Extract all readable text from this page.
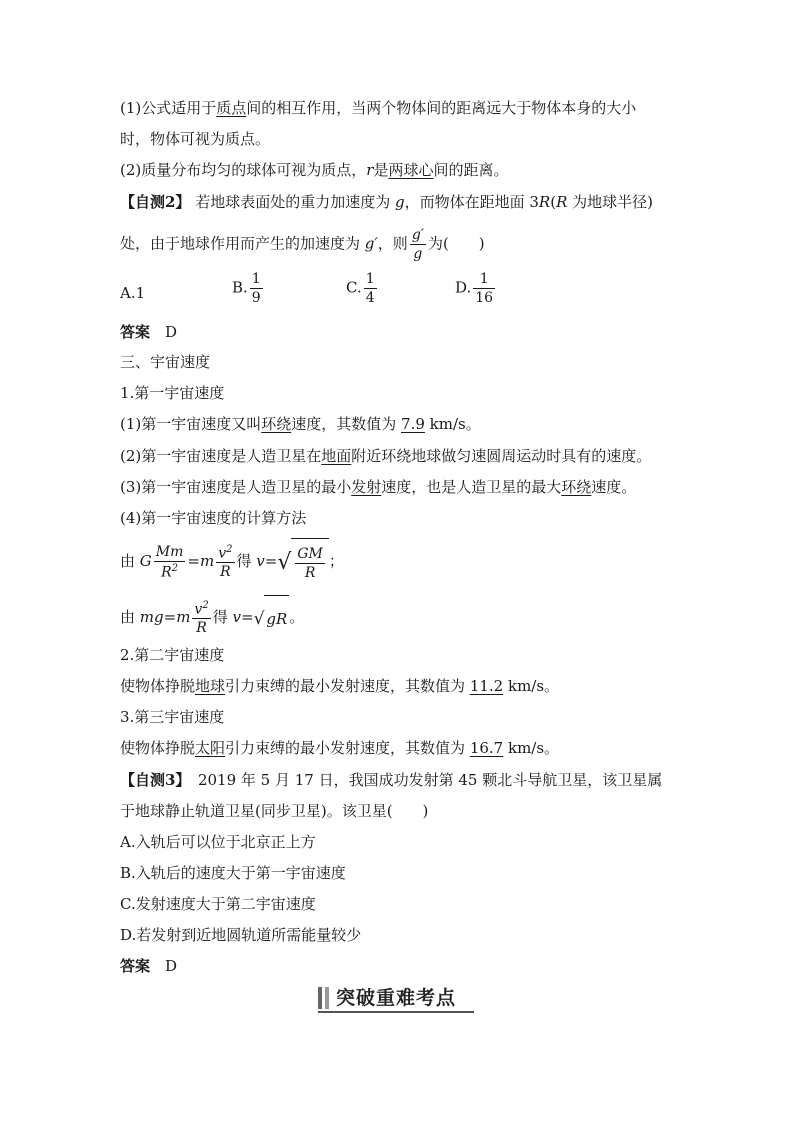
(1)公式适用于质点间的相互作用，当两个物体间的距离远大于物体本身的大小
时，物体可视为质点。
(2)质量分布均匀的球体可视为质点，r是两球心间的距离。
【自测2】 若地球表面处的重力加速度为 g，而物体在距地面 3R(R 为地球半径)
处，由于地球作用而产生的加速度为 g′，则 $\frac{g'}{g}$ 为(　　)
A.1	B. $\frac{1}{9}$	C. $\frac{1}{4}$	D. $\frac{1}{16}$
答案　 D
三、宇宙速度
1.第一宇宙速度
(1)第一宇宙速度又叫环绕速度，其数值为 7.9 km/s。
(2)第一宇宙速度是人造卫星在地面附近环绕地球做匀速圆周运动时具有的速度。
(3)第一宇宙速度是人造卫星的最小发射速度，也是人造卫星的最大环绕速度。
(4)第一宇宙速度的计算方法
由 G $\frac{Mm}{R^2} =m \frac{v^2}{R}$ 得 $v=√ \frac{GM}{R}$ ；
由 $mg=m \frac{v^2}{R}$ 得 v=√ gR 。
2.第二宇宙速度
使物体挣脱地球引力束缚的最小发射速度，其数值为 11.2 km/s。
3.第三宇宙速度
使物体挣脱太阳引力束缚的最小发射速度，其数值为 16.7 km/s。
【自测3】　2019 年 5 月 17 日，我国成功发射第 45 颗北斗导航卫星，该卫星属
于地球静止轨道卫星(同步卫星)。该卫星(　　)
A.入轨后可以位于北京正上方
B.入轨后的速度大于第一宇宙速度
C.发射速度大于第二宇宙速度
D.若发射到近地圆轨道所需能量较少
答案　 D
突破重难考点
